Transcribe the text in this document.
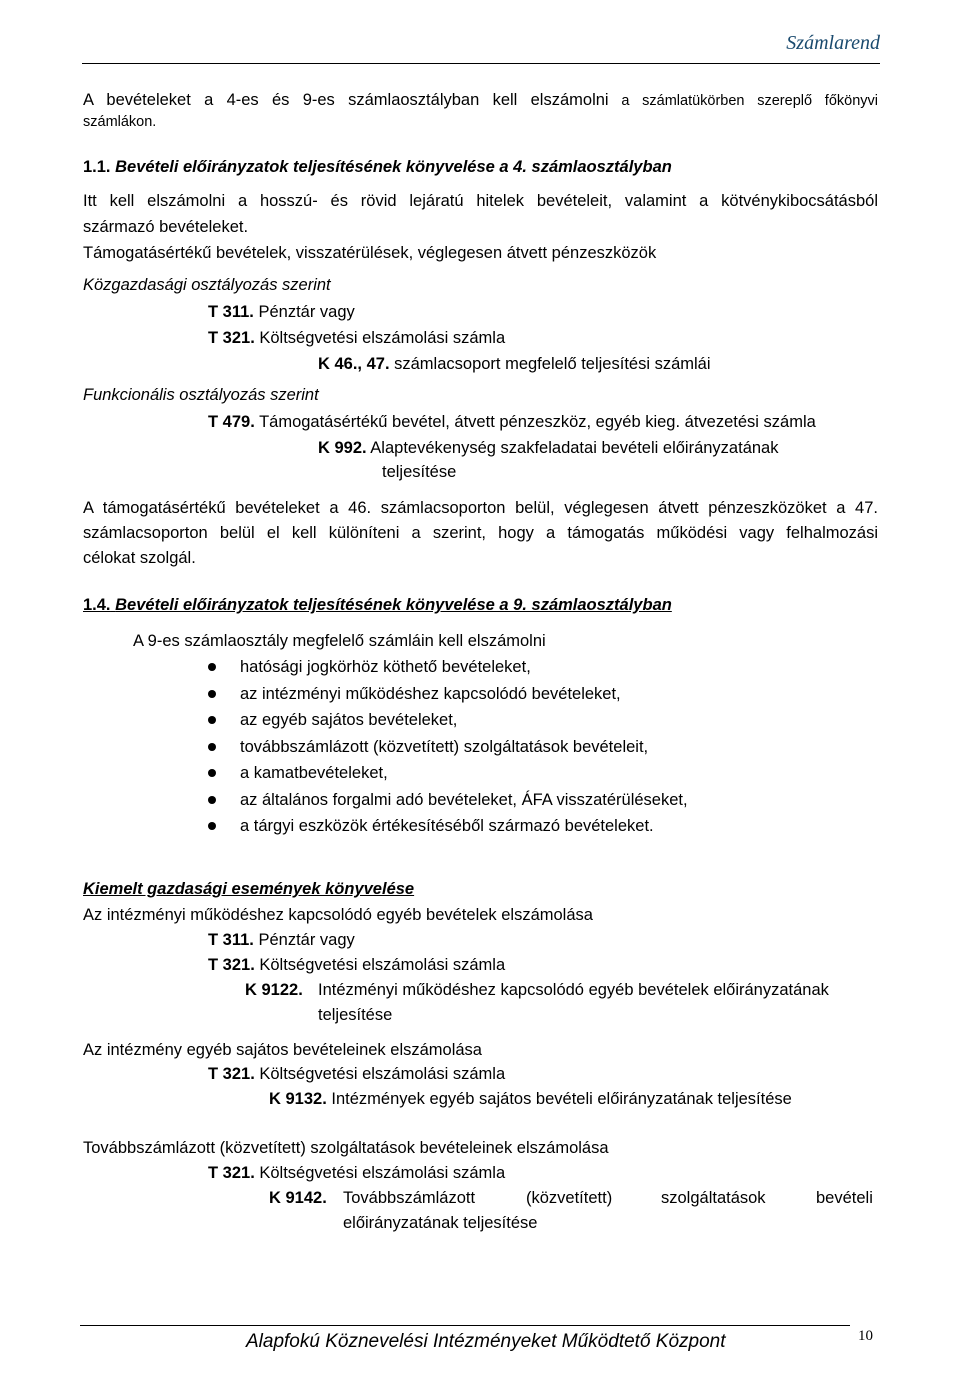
Számlarend
A bevételeket a 4-es és 9-es számlaosztályban kell elszámolni a számlatükörben szereplő főkönyvi
számlákon.
1.1. Bevételi előirányzatok teljesítésének könyvelése a 4. számlaosztályban
Itt kell elszámolni a hosszú- és rövid lejáratú hitelek bevételeit, valamint a kötvénykibocsátásból
származó bevételeket.
Támogatásértékű bevételek, visszatérülések, véglegesen átvett pénzeszközök
Közgazdasági osztályozás szerint
T 311. Pénztár vagy
T 321. Költségvetési elszámolási számla
K 46., 47. számlacsoport megfelelő teljesítési számlái
Funkcionális osztályozás szerint
T 479. Támogatásértékű bevétel, átvett pénzeszköz, egyéb kieg. átvezetési számla
K 992. Alaptevékenység szakfeladatai bevételi előirányzatának
teljesítése
A támogatásértékű bevételeket a 46. számlacsoporton belül, véglegesen átvett pénzeszközöket a 47.
számlacsoporton belül el kell különíteni a szerint, hogy a támogatás működési vagy felhalmozási
célokat szolgál.
1.4. Bevételi előirányzatok teljesítésének könyvelése a 9. számlaosztályban
A 9-es számlaosztály megfelelő számláin kell elszámolni
hatósági jogkörhöz köthető bevételeket,
az intézményi működéshez kapcsolódó bevételeket,
az egyéb sajátos bevételeket,
továbbszámlázott (közvetített) szolgáltatások bevételeit,
a kamatbevételeket,
az általános forgalmi adó bevételeket, ÁFA visszatérüléseket,
a tárgyi eszközök értékesítéséből származó bevételeket.
Kiemelt gazdasági események könyvelése
Az intézményi működéshez kapcsolódó egyéb bevételek elszámolása
T 311. Pénztár vagy
T 321. Költségvetési elszámolási számla
K 9122. Intézményi működéshez kapcsolódó egyéb bevételek előirányzatának
teljesítése
Az intézmény egyéb sajátos bevételeinek elszámolása
T 321. Költségvetési elszámolási számla
K 9132. Intézmények egyéb sajátos bevételi előirányzatának teljesítése
Továbbszámlázott (közvetített) szolgáltatások bevételeinek elszámolása
T 321. Költségvetési elszámolási számla
K 9142. Továbbszámlázott	(közvetített)	szolgáltatások	bevételi
előirányzatának teljesítése
Alapfokú Köznevelési Intézményeket Működtető Központ	10
